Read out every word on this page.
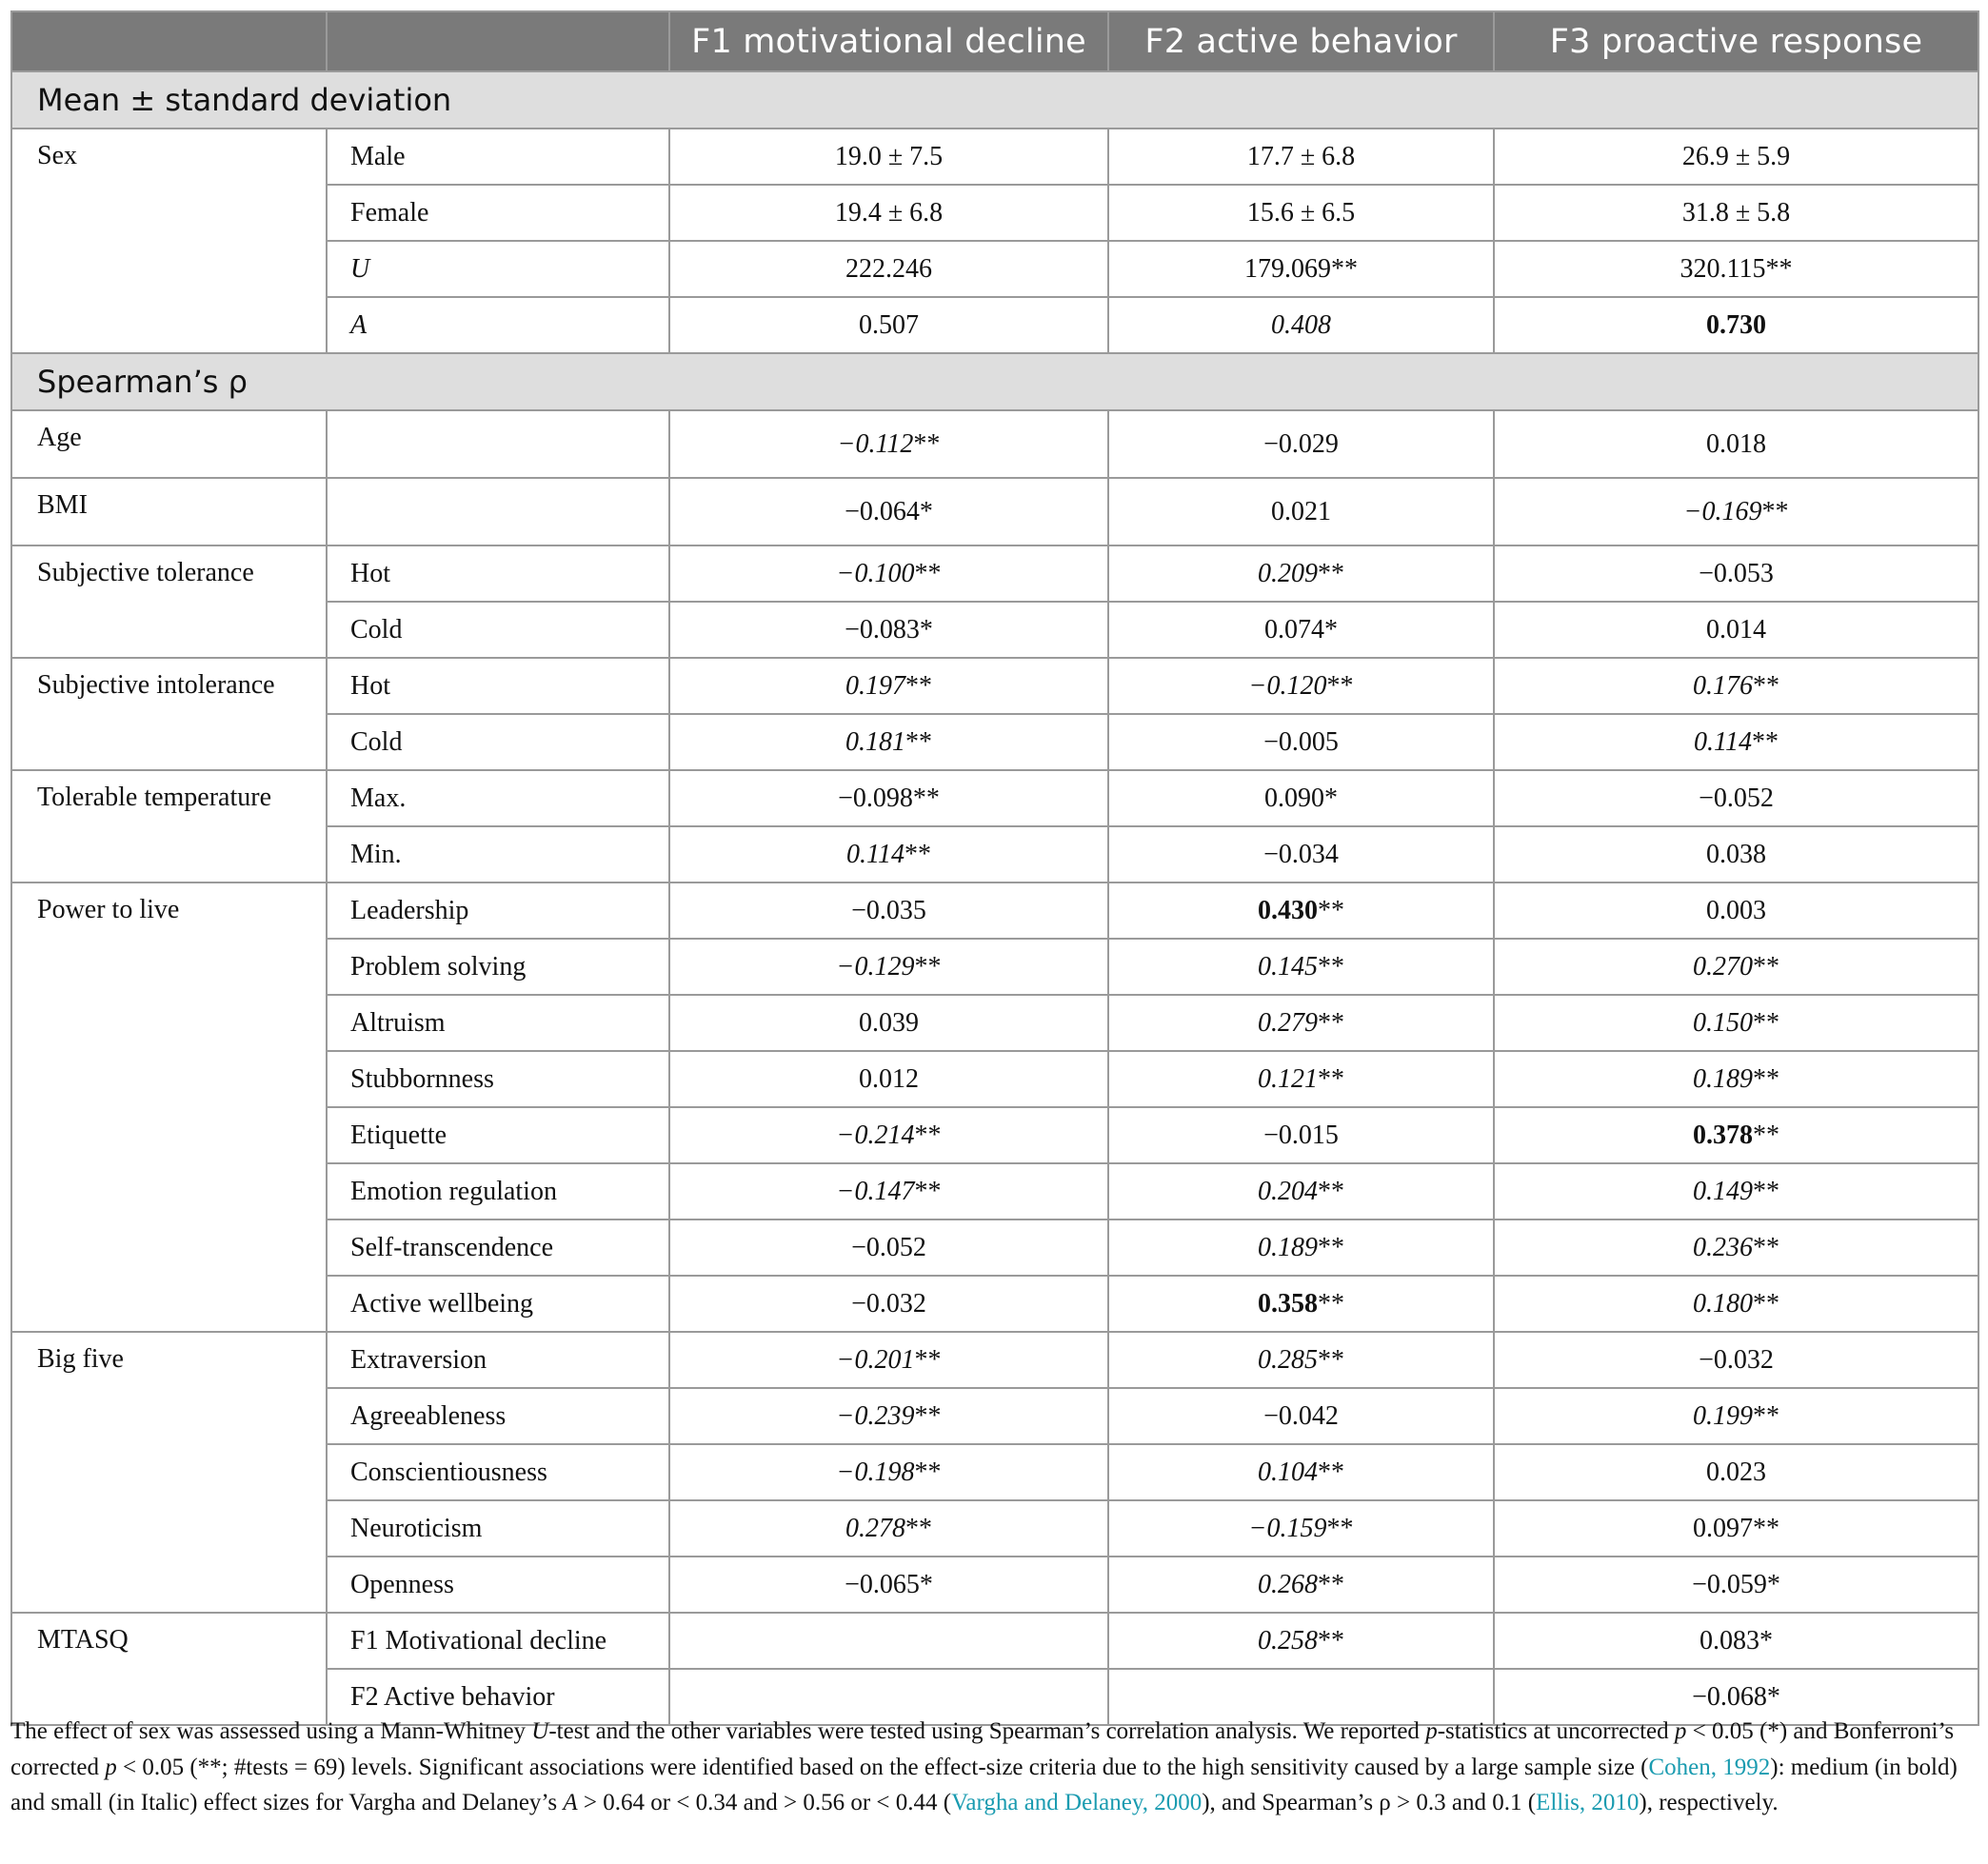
		F1 motivational decline	F2 active behavior	F3 proactive response
Mean ± standard deviation				
Sex	Male	19.0 ± 7.5	17.7 ± 6.8	26.9 ± 5.9
	Female	19.4 ± 6.8	15.6 ± 6.5	31.8 ± 5.8
	U	222.246	179.069**	320.115**
	A	0.507	0.408	0.730
Spearman’s ρ				
Age		−0.112**	−0.029	0.018
BMI		−0.064*	0.021	−0.169**
Subjective tolerance	Hot	−0.100**	0.209**	−0.053
	Cold	−0.083*	0.074*	0.014
Subjective intolerance	Hot	0.197**	−0.120**	0.176**
	Cold	0.181**	−0.005	0.114**
Tolerable temperature	Max.	−0.098**	0.090*	−0.052
	Min.	0.114**	−0.034	0.038
Power to live	Leadership	−0.035	0.430**	0.003
	Problem solving	−0.129**	0.145**	0.270**
	Altruism	0.039	0.279**	0.150**
	Stubbornness	0.012	0.121**	0.189**
	Etiquette	−0.214**	−0.015	0.378**
	Emotion regulation	−0.147**	0.204**	0.149**
	Self-transcendence	−0.052	0.189**	0.236**
	Active wellbeing	−0.032	0.358**	0.180**
Big five	Extraversion	−0.201**	0.285**	−0.032
	Agreeableness	−0.239**	−0.042	0.199**
	Conscientiousness	−0.198**	0.104**	0.023
	Neuroticism	0.278**	−0.159**	0.097**
	Openness	−0.065*	0.268**	−0.059*
MTASQ	F1 Motivational decline		0.258**	0.083*
	F2 Active behavior			−0.068*
The effect of sex was assessed using a Mann-Whitney U-test and the other variables were tested using Spearman’s correlation analysis. We reported p-statistics at uncorrected p < 0.05 (*) and Bonferroni’s corrected p < 0.05 (**; #tests = 69) levels. Significant associations were identified based on the effect-size criteria due to the high sensitivity caused by a large sample size (Cohen, 1992): medium (in bold) and small (in Italic) effect sizes for Vargha and Delaney’s A > 0.64 or < 0.34 and > 0.56 or < 0.44 (Vargha and Delaney, 2000), and Spearman’s ρ > 0.3 and 0.1 (Ellis, 2010), respectively.
